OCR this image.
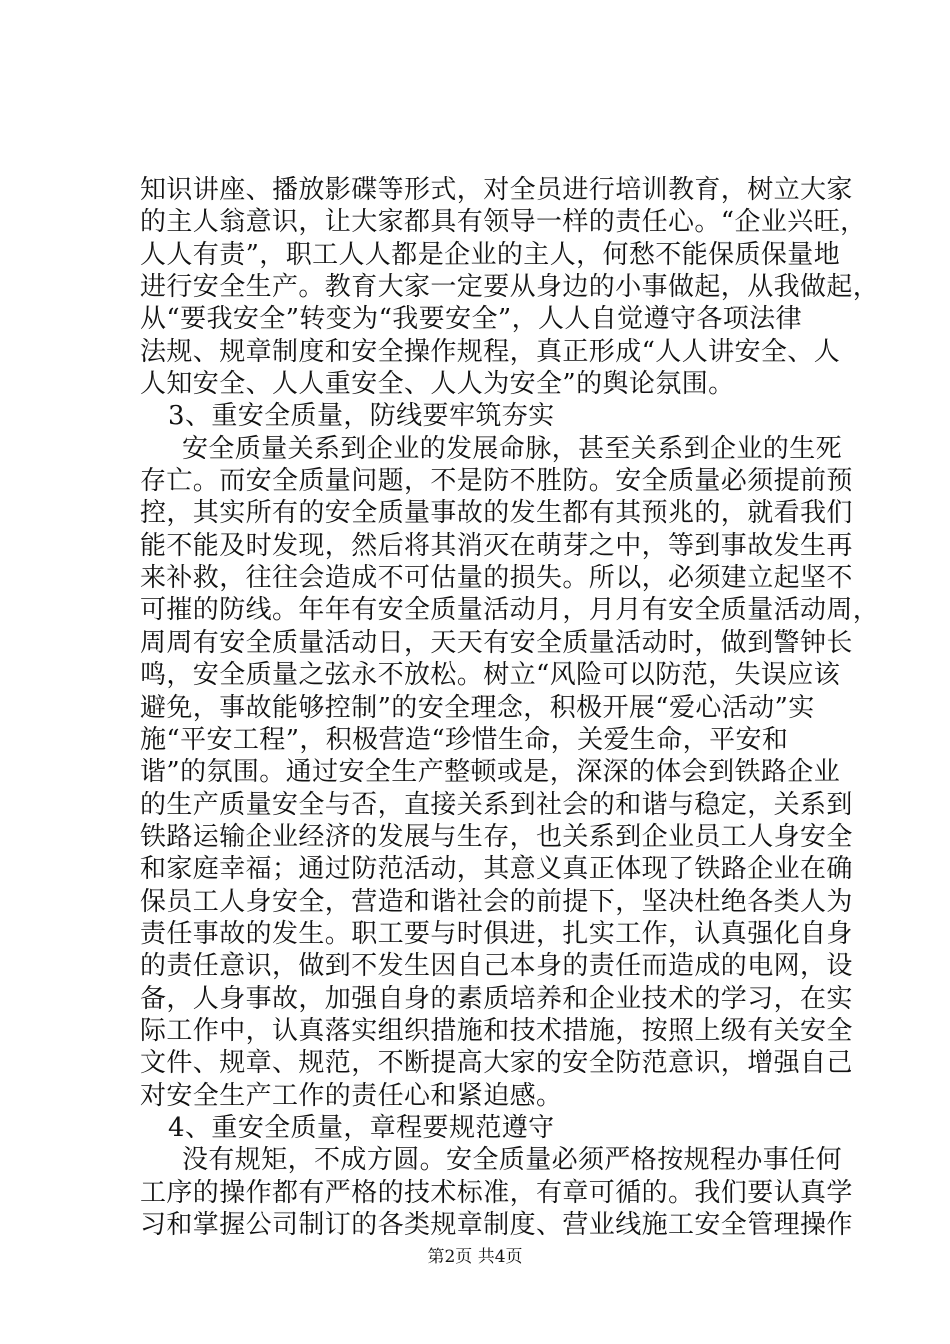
知识讲座、播放影碟等形式，对全员进行培训教育，树立大家
的主人翁意识，让大家都具有领导一样的责任心。“企业兴旺，
人人有责”，职工人人都是企业的主人，何愁不能保质保量地
进行安全生产。教育大家一定要从身边的小事做起，从我做起，
从“要我安全”转变为“我要安全”，人人自觉遵守各项法律
法规、规章制度和安全操作规程，真正形成“人人讲安全、人
人知安全、人人重安全、人人为安全”的舆论氛围。
3、重安全质量，防线要牢筑夯实
安全质量关系到企业的发展命脉，甚至关系到企业的生死
存亡。而安全质量问题，不是防不胜防。安全质量必须提前预
控，其实所有的安全质量事故的发生都有其预兆的，就看我们
能不能及时发现，然后将其消灭在萌芽之中，等到事故发生再
来补救，往往会造成不可估量的损失。所以，必须建立起坚不
可摧的防线。年年有安全质量活动月，月月有安全质量活动周，
周周有安全质量活动日，天天有安全质量活动时，做到警钟长
鸣，安全质量之弦永不放松。树立“风险可以防范，失误应该
避免，事故能够控制”的安全理念，积极开展“爱心活动”实
施“平安工程”，积极营造“珍惜生命，关爱生命，平安和
谐”的氛围。通过安全生产整顿或是，深深的体会到铁路企业
的生产质量安全与否，直接关系到社会的和谐与稳定，关系到
铁路运输企业经济的发展与生存，也关系到企业员工人身安全
和家庭幸福；通过防范活动，其意义真正体现了铁路企业在确
保员工人身安全，营造和谐社会的前提下，坚决杜绝各类人为
责任事故的发生。职工要与时俱进，扎实工作，认真强化自身
的责任意识，做到不发生因自己本身的责任而造成的电网，设
备，人身事故，加强自身的素质培养和企业技术的学习，在实
际工作中，认真落实组织措施和技术措施，按照上级有关安全
文件、规章、规范，不断提高大家的安全防范意识，增强自己
对安全生产工作的责任心和紧迫感。
4、重安全质量，章程要规范遵守
没有规矩，不成方圆。安全质量必须严格按规程办事任何
工序的操作都有严格的技术标准，有章可循的。我们要认真学
习和掌握公司制订的各类规章制度、营业线施工安全管理操作
第2页 共4页
